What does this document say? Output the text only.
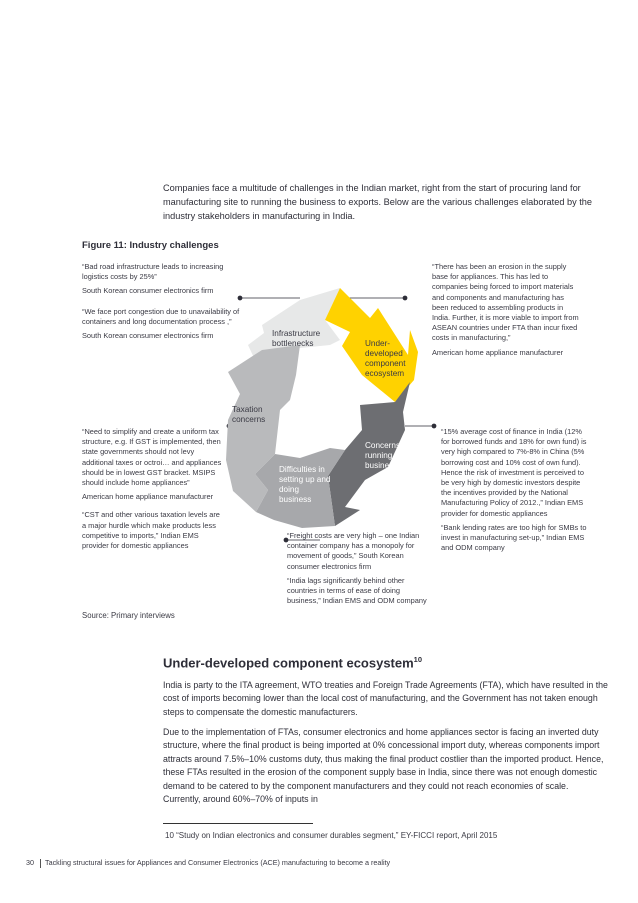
Companies face a multitude of challenges in the Indian market, right from the start of procuring land for manufacturing site to running the business to exports. Below are the various challenges elaborated by the industry stakeholders in manufacturing in India.
Figure 11: Industry challenges
Infrastructure bottlenecks	Under-developed component ecosystem
Concerns in running the business
Difficulties in setting up and doing business
Taxation concerns

“Bad road infrastructure leads to increasing logistics costs by 25%”

South Korean consumer electronics firm

“We face port congestion due to unavailability of containers and long documentation process ,”

South Korean consumer electronics firm

“There has been an erosion in the supply base for appliances. This has led to companies being forced to import materials and components and manufacturing has been reduced to assembling products in India. Further, it is more viable to import from ASEAN countries under FTA than incur fixed costs in manufacturing,”

American home appliance manufacturer

“Need to simplify and create a uniform tax structure, e.g. If GST is implemented, then state governments should not levy additional taxes or octroi… and appliances should be in lowest GST bracket. MSIPS should include home appliances”

American home appliance manufacturer

“CST and other various taxation levels are a major hurdle which make products less competitive to imports,” Indian EMS provider for domestic appliances

“15% average cost of finance in India (12% for borrowed funds and 18% for own fund) is very high compared to 7%-8% in China (5% borrowing cost and 10% cost of own fund). Hence the risk of investment is perceived to be very high by domestic investors despite the incentives provided by the National Manufacturing Policy of 2012.,” Indian EMS provider for domestic appliances

“Bank lending rates are too high for SMBs to invest in manufacturing set-up,” Indian EMS and ODM company

“Freight costs are very high – one Indian container company has a monopoly for movement of goods,” South Korean consumer electronics firm

“India lags significantly behind other countries in terms of ease of doing business,” Indian EMS and ODM company

Source: Primary interviews
Under-developed component ecosystem$^{10}$

India is party to the ITA agreement, WTO treaties and Foreign Trade Agreements (FTA), which have resulted in the cost of imports becoming lower than the local cost of manufacturing, and the Government has not taken enough steps to compensate the domestic manufacturers.

Due to the implementation of FTAs, consumer electronics and home appliances sector is facing an inverted duty structure, where the final product is being imported at 0% concessional import duty, whereas components import attracts around 7.5%–10% customs duty, thus making the final product costlier than the imported product. Hence, these FTAs resulted in the erosion of the component supply base in India, since there was not enough domestic demand to be catered to by the component manufacturers and they could not reach economies of scale. Currently, around 60%–70% of inputs in

10 “Study on Indian electronics and consumer durables segment,” EY-FICCI report, April 2015
30 Tackling structural issues for Appliances and Consumer Electronics (ACE) manufacturing to become a reality
